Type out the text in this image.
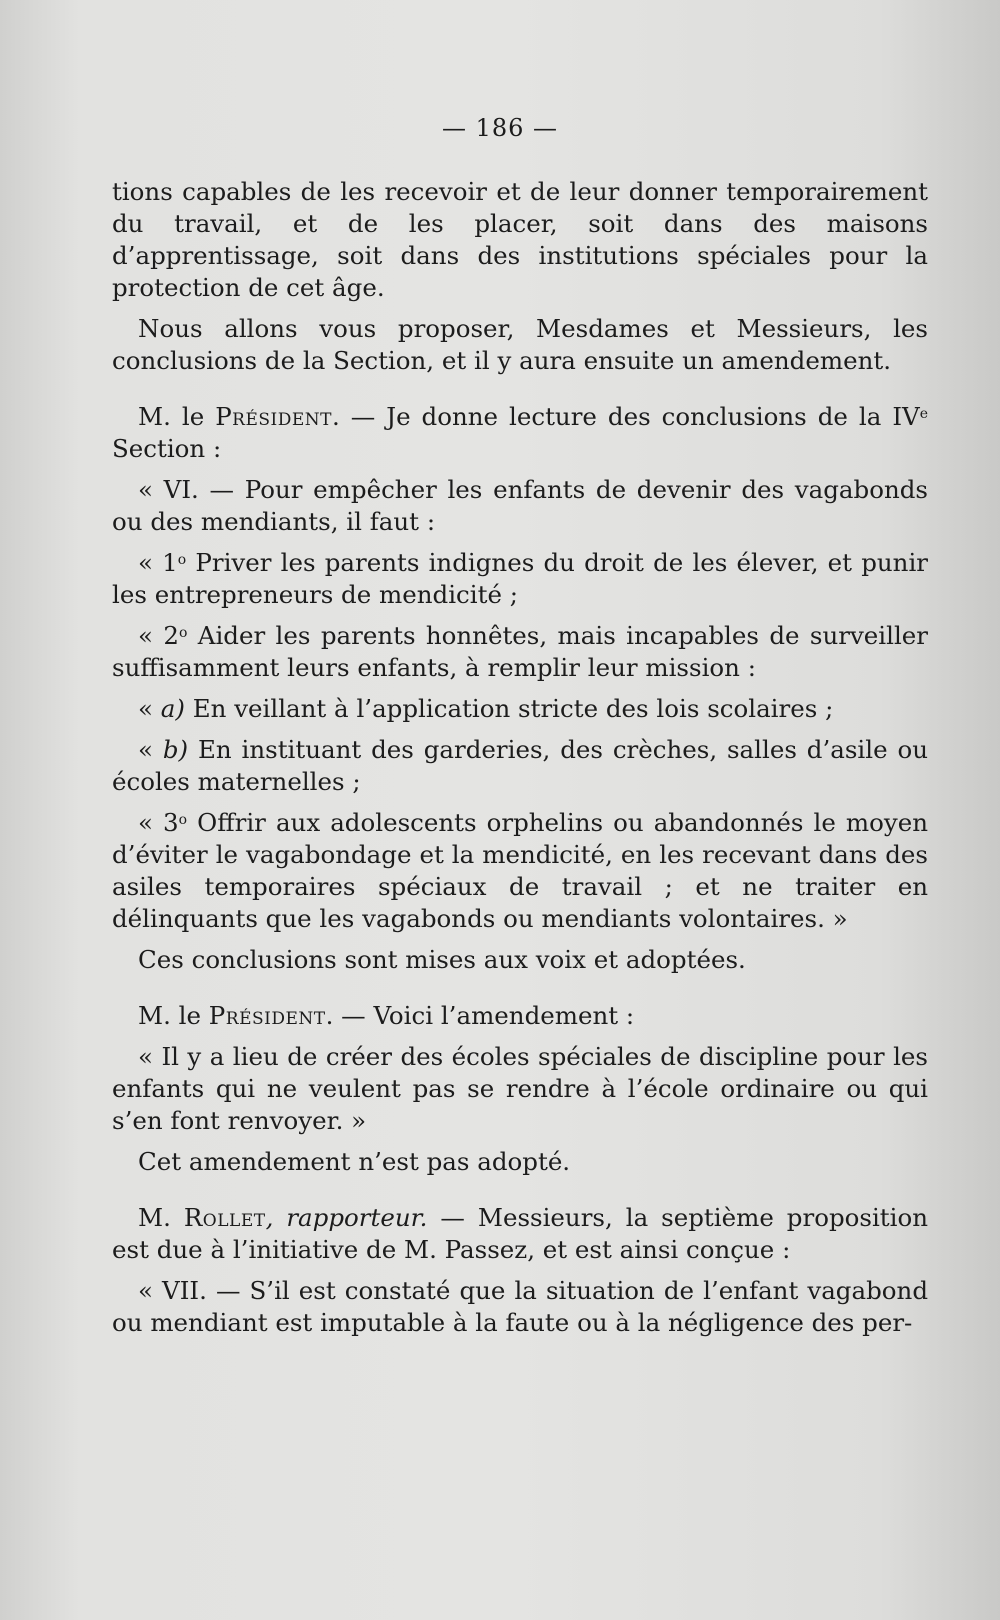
— 186 —

tions capables de les recevoir et de leur donner temporairement du travail, et de les placer, soit dans des maisons d’apprentissage, soit dans des institutions spéciales pour la protection de cet âge.

Nous allons vous proposer, Mesdames et Messieurs, les conclusions de la Section, et il y aura ensuite un amendement.

M. le Président. — Je donne lecture des conclusions de la IVe Section :

« VI. — Pour empêcher les enfants de devenir des vagabonds ou des mendiants, il faut :

« 1$^o$ Priver les parents indignes du droit de les élever, et punir les entrepreneurs de mendicité ;

« 2$^o$ Aider les parents honnêtes, mais incapables de surveiller suffisamment leurs enfants, à remplir leur mission :

« a) En veillant à l’application stricte des lois scolaires ;

« b) En instituant des garderies, des crèches, salles d’asile ou écoles maternelles ;

« 3$^o$ Offrir aux adolescents orphelins ou abandonnés le moyen d’éviter le vagabondage et la mendicité, en les recevant dans des asiles temporaires spéciaux de travail ; et ne traiter en délinquants que les vagabonds ou mendiants volontaires. »

Ces conclusions sont mises aux voix et adoptées.

M. le Président. — Voici l’amendement :

« Il y a lieu de créer des écoles spéciales de discipline pour les enfants qui ne veulent pas se rendre à l’école ordinaire ou qui s’en font renvoyer. »

Cet amendement n’est pas adopté.

M. Rollet, rapporteur. — Messieurs, la septième proposition est due à l’initiative de M. Passez, et est ainsi conçue :

« VII. — S’il est constaté que la situation de l’enfant vagabond ou mendiant est imputable à la faute ou à la négligence des per-
